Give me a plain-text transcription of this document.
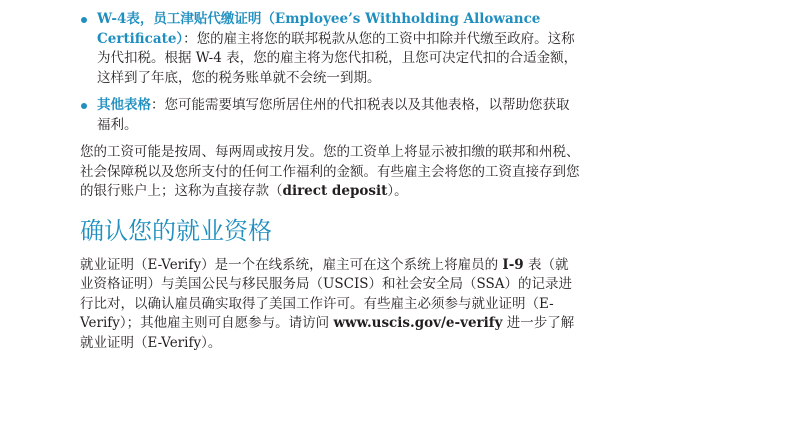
W-4表，员工津贴代缴证明（Employee’s Withholding Allowance Certificate）：您的雇主将您的联邦税款从您的工资中扣除并代缴至政府。这称为代扣税。根据 W-4 表，您的雇主将为您代扣税，且您可决定代扣的合适金额，这样到了年底，您的税务账单就不会统一到期。
其他表格：您可能需要填写您所居住州的代扣税表以及其他表格，以帮助您获取福利。

您的工资可能是按周、每两周或按月发。您的工资单上将显示被扣缴的联邦和州税、社会保障税以及您所支付的任何工作福利的金额。有些雇主会将您的工资直接存到您的银行账户上；这称为直接存款（direct deposit）。

确认您的就业资格

就业证明（E-Verify）是一个在线系统，雇主可在这个系统上将雇员的 I-9 表（就业资格证明）与美国公民与移民服务局（USCIS）和社会安全局（SSA）的记录进行比对，以确认雇员确实取得了美国工作许可。有些雇主必须参与就业证明（E-Verify）；其他雇主则可自愿参与。请访问 www.uscis.gov/e-verify 进一步了解就业证明（E-Verify）。
